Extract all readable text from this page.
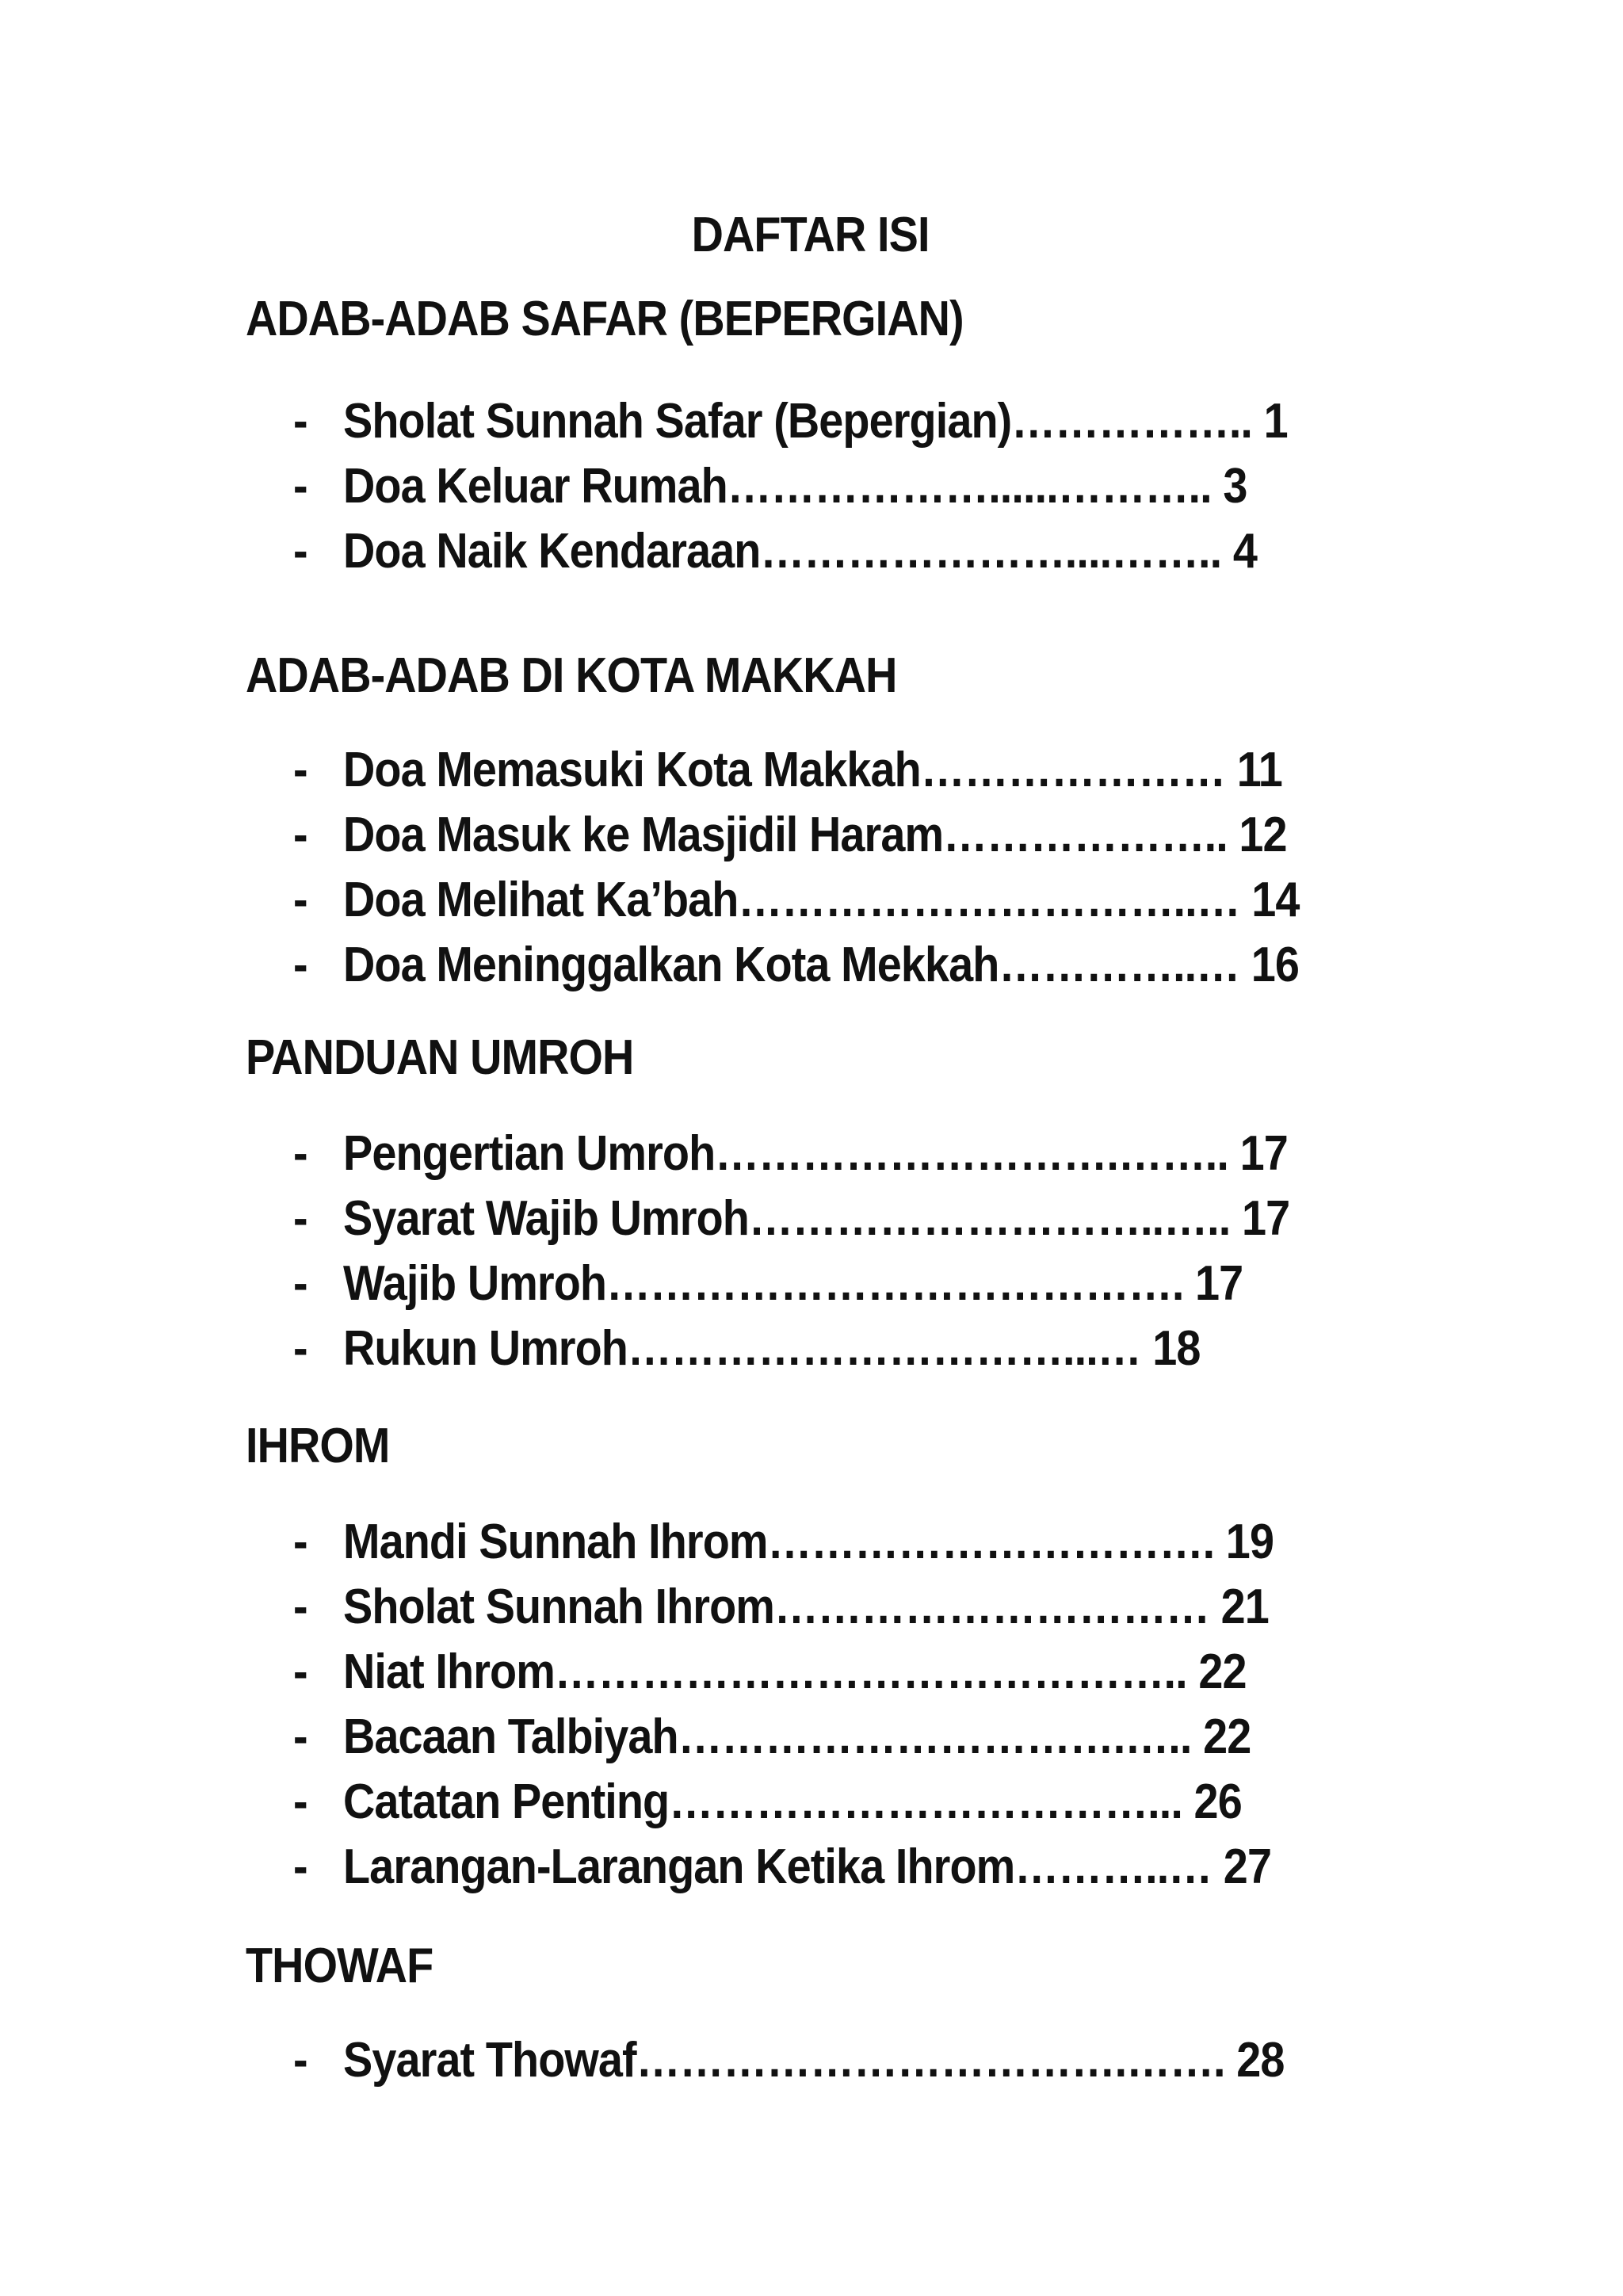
DAFTAR ISI
ADAB-ADAB SAFAR (BEPERGIAN)
- Sholat Sunnah Safar (Bepergian)…………….. 1
- Doa Keluar Rumah………………......……….. 3
- Doa Naik Kendaraan…………………....…….. 4
ADAB-ADAB DI KOTA MAKKAH
- Doa Memasuki Kota Makkah………………… 11
- Doa Masuk ke Masjidil Haram……………….. 12
- Doa Melihat Ka’bah…………………………..… 14
- Doa Meninggalkan Kota Mekkah…………..… 16
PANDUAN UMROH
- Pengertian Umroh……………………….…….. 17
- Syarat Wajib Umroh………………………..….. 17
- Wajib Umroh…………………………………. 17
- Rukun Umroh…………………………...… 18
IHROM
- Mandi Sunnah Ihrom…………………………. 19
- Sholat Sunnah Ihrom………………………… 21
- Niat Ihrom…………………………………….. 22
- Bacaan Talbiyah………………………….….. 22
- Catatan Penting……………………………... 26
- Larangan-Larangan Ketika Ihrom………..… 27
THOWAF
- Syarat Thowaf…………………………….……. 28
